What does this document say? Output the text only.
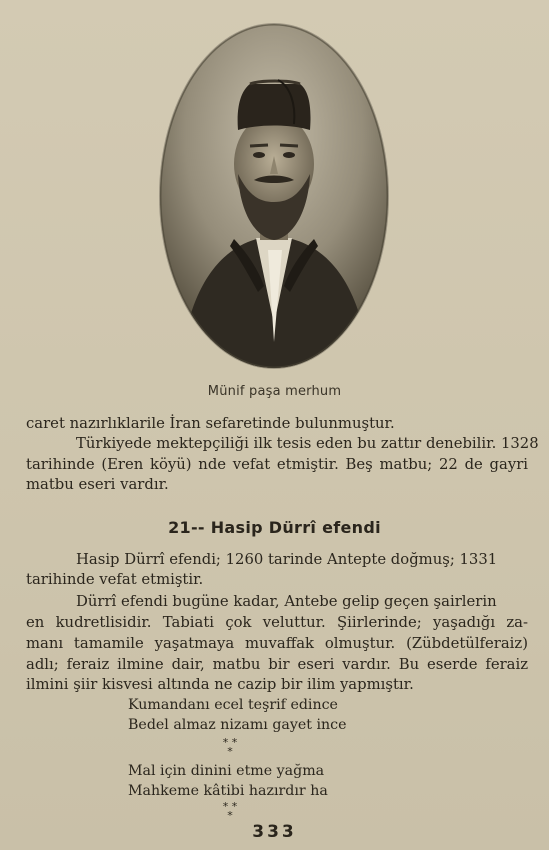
Münif paşa merhum
caret nazırlıklarile İran sefaretinde bulunmuştur.
Türkiyede mektepçiliği ilk tesis eden bu zattır denebilir. 1328
tarihinde (Eren köyü) nde vefat etmiştir. Beş matbu; 22 de gayri
matbu eseri vardır.
21-- Hasip Dürrî efendi
Hasip Dürrî efendi; 1260 tarinde Antepte doğmuş; 1331
tarihinde vefat etmiştir.
Dürrî efendi bugüne kadar, Antebe gelip geçen şairlerin
en kudretlisidir. Tabiati çok veluttur. Şiirlerinde; yaşadığı za-
manı tamamile yaşatmaya muvaffak olmuştur. (Zübdetülferaiz)
adlı; feraiz ilmine dair, matbu bir eseri vardır. Bu eserde feraiz
ilmini şiir kisvesi altında ne cazip bir ilim yapmıştır.
Kumandanı ecel teşrif edince
Bedel almaz nizamı gayet ince
* *
*
Mal için dinini etme yağma
Mahkeme kâtibi hazırdır ha
* *
*
333
